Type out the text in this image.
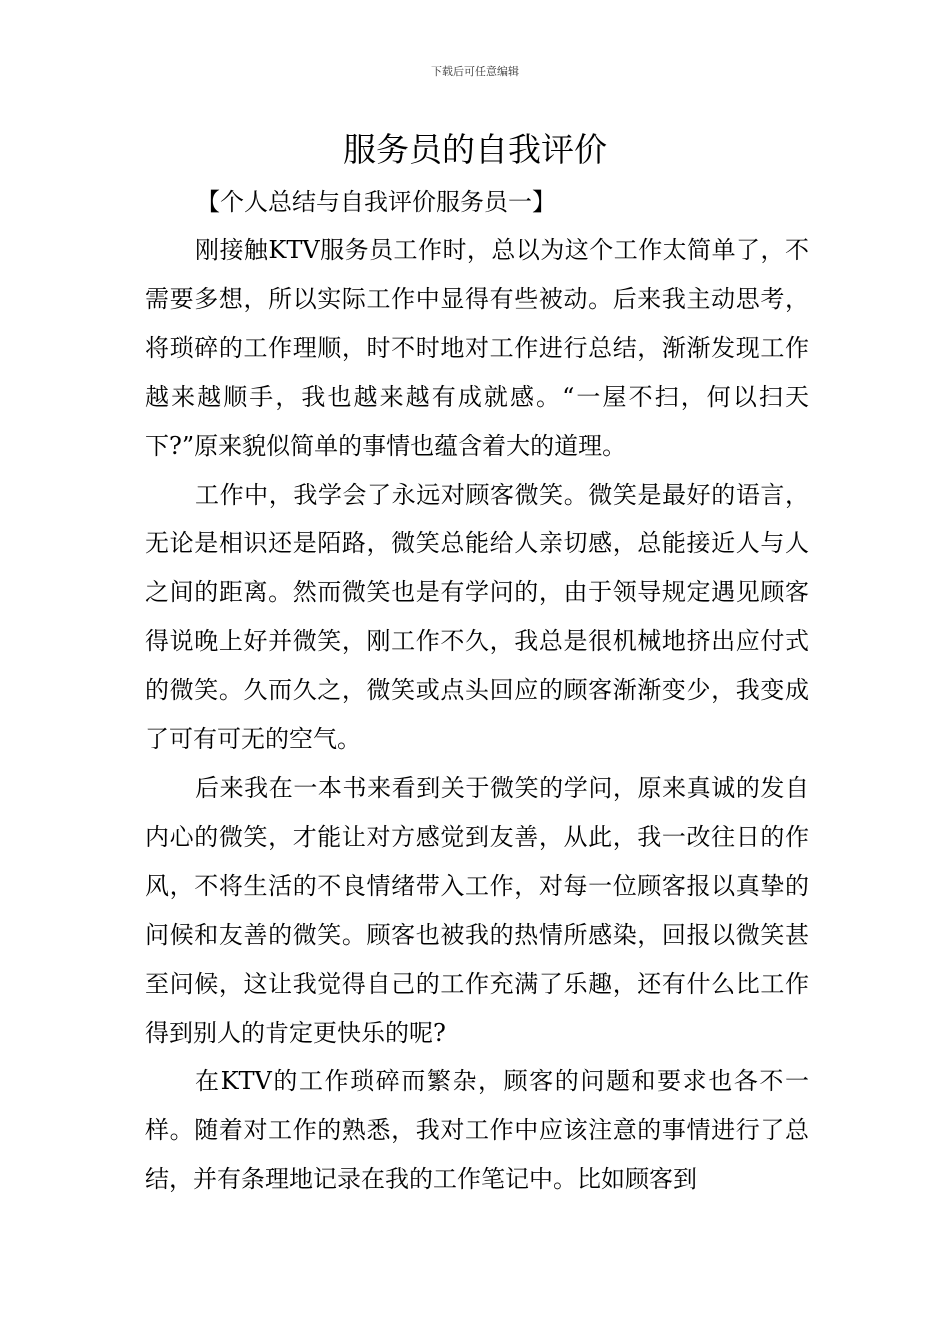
下载后可任意编辑
服务员的自我评价
【个人总结与自我评价服务员一】

刚接触KTV服务员工作时，总以为这个工作太简单了，不需要多想，所以实际工作中显得有些被动。后来我主动思考，将琐碎的工作理顺，时不时地对工作进行总结，渐渐发现工作越来越顺手，我也越来越有成就感。“一屋不扫，何以扫天下?”原来貌似简单的事情也蕴含着大的道理。

工作中，我学会了永远对顾客微笑。微笑是最好的语言，无论是相识还是陌路，微笑总能给人亲切感，总能接近人与人之间的距离。然而微笑也是有学问的，由于领导规定遇见顾客得说晚上好并微笑，刚工作不久，我总是很机械地挤出应付式的微笑。久而久之，微笑或点头回应的顾客渐渐变少，我变成了可有可无的空气。

后来我在一本书来看到关于微笑的学问，原来真诚的发自内心的微笑，才能让对方感觉到友善，从此，我一改往日的作风，不将生活的不良情绪带入工作，对每一位顾客报以真挚的问候和友善的微笑。顾客也被我的热情所感染，回报以微笑甚至问候，这让我觉得自己的工作充满了乐趣，还有什么比工作得到别人的肯定更快乐的呢?

在KTV的工作琐碎而繁杂，顾客的问题和要求也各不一样。随着对工作的熟悉，我对工作中应该注意的事情进行了总结，并有条理地记录在我的工作笔记中。比如顾客到
